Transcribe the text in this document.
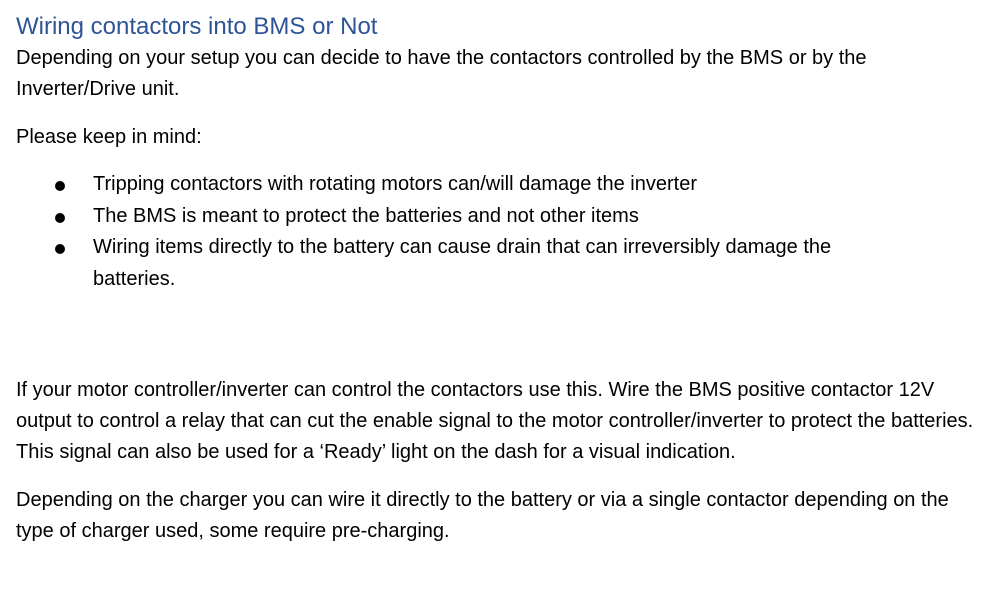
Wiring contactors into BMS or Not

Depending on your setup you can decide to have the contactors controlled by the BMS or by the Inverter/Drive unit.

Please keep in mind:

Tripping contactors with rotating motors can/will damage the inverter
The BMS is meant to protect the batteries and not other items
Wiring items directly to the battery can cause drain that can irreversibly damage the batteries.

If your motor controller/inverter can control the contactors use this. Wire the BMS positive contactor 12V output to control a relay that can cut the enable signal to the motor controller/inverter to protect the batteries. This signal can also be used for a ‘Ready’ light on the dash for a visual indication.

Depending on the charger you can wire it directly to the battery or via a single contactor depending on the type of charger used, some require pre-charging.
